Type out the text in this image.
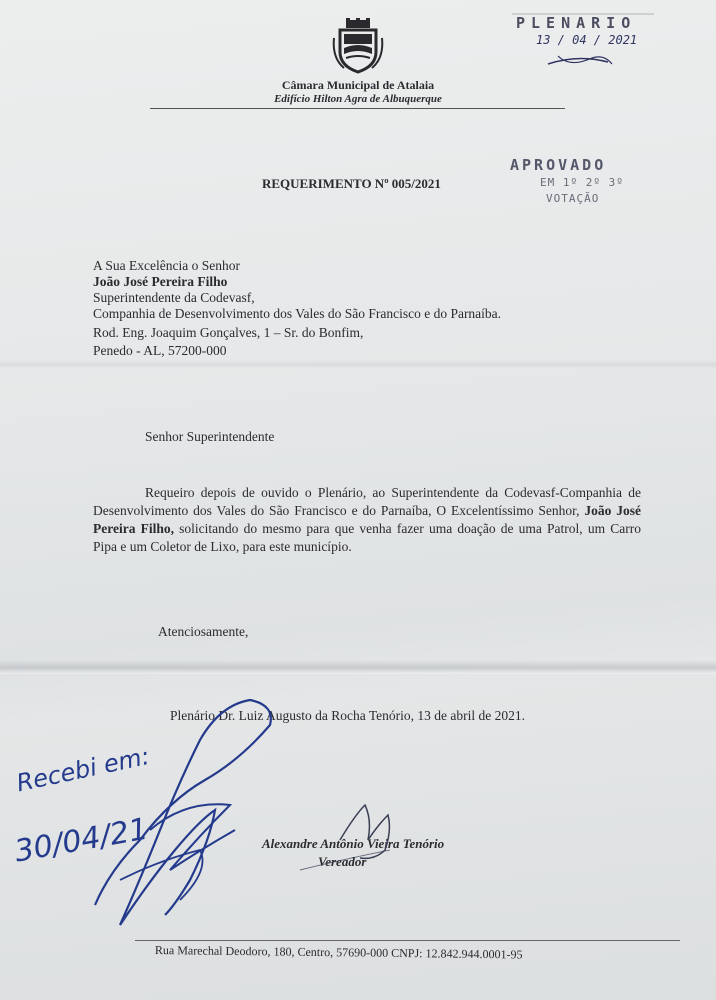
Câmara Municipal de Atalaia

Edifício Hilton Agra de Albuquerque

PLENARIO

13 / 04 / 2021

APROVADO

EM 1º 2º 3º

VOTAÇÃO

REQUERIMENTO Nº 005/2021

A Sua Excelência o Senhor

João José Pereira Filho

Superintendente da Codevasf,

Companhia de Desenvolvimento dos Vales do São Francisco e do Parnaíba.

Rod. Eng. Joaquim Gonçalves, 1 – Sr. do Bonfim,

Penedo - AL, 57200-000

Senhor Superintendente

Requeiro depois de ouvido o Plenário, ao Superintendente da Codevasf-Companhia de Desenvolvimento dos Vales do São Francisco e do Parnaíba, O Excelentíssimo Senhor, João José Pereira Filho, solicitando do mesmo para que venha fazer uma doação de uma Patrol, um Carro Pipa e um Coletor de Lixo, para este município.

Atenciosamente,

Plenário Dr. Luiz Augusto da Rocha Tenório, 13 de abril de 2021.

Alexandre Antônio Vieira Tenório

Vereador

Rua Marechal Deodoro, 180, Centro, 57690-000 CNPJ: 12.842.944.0001-95

Recebi em:

30/04/21
